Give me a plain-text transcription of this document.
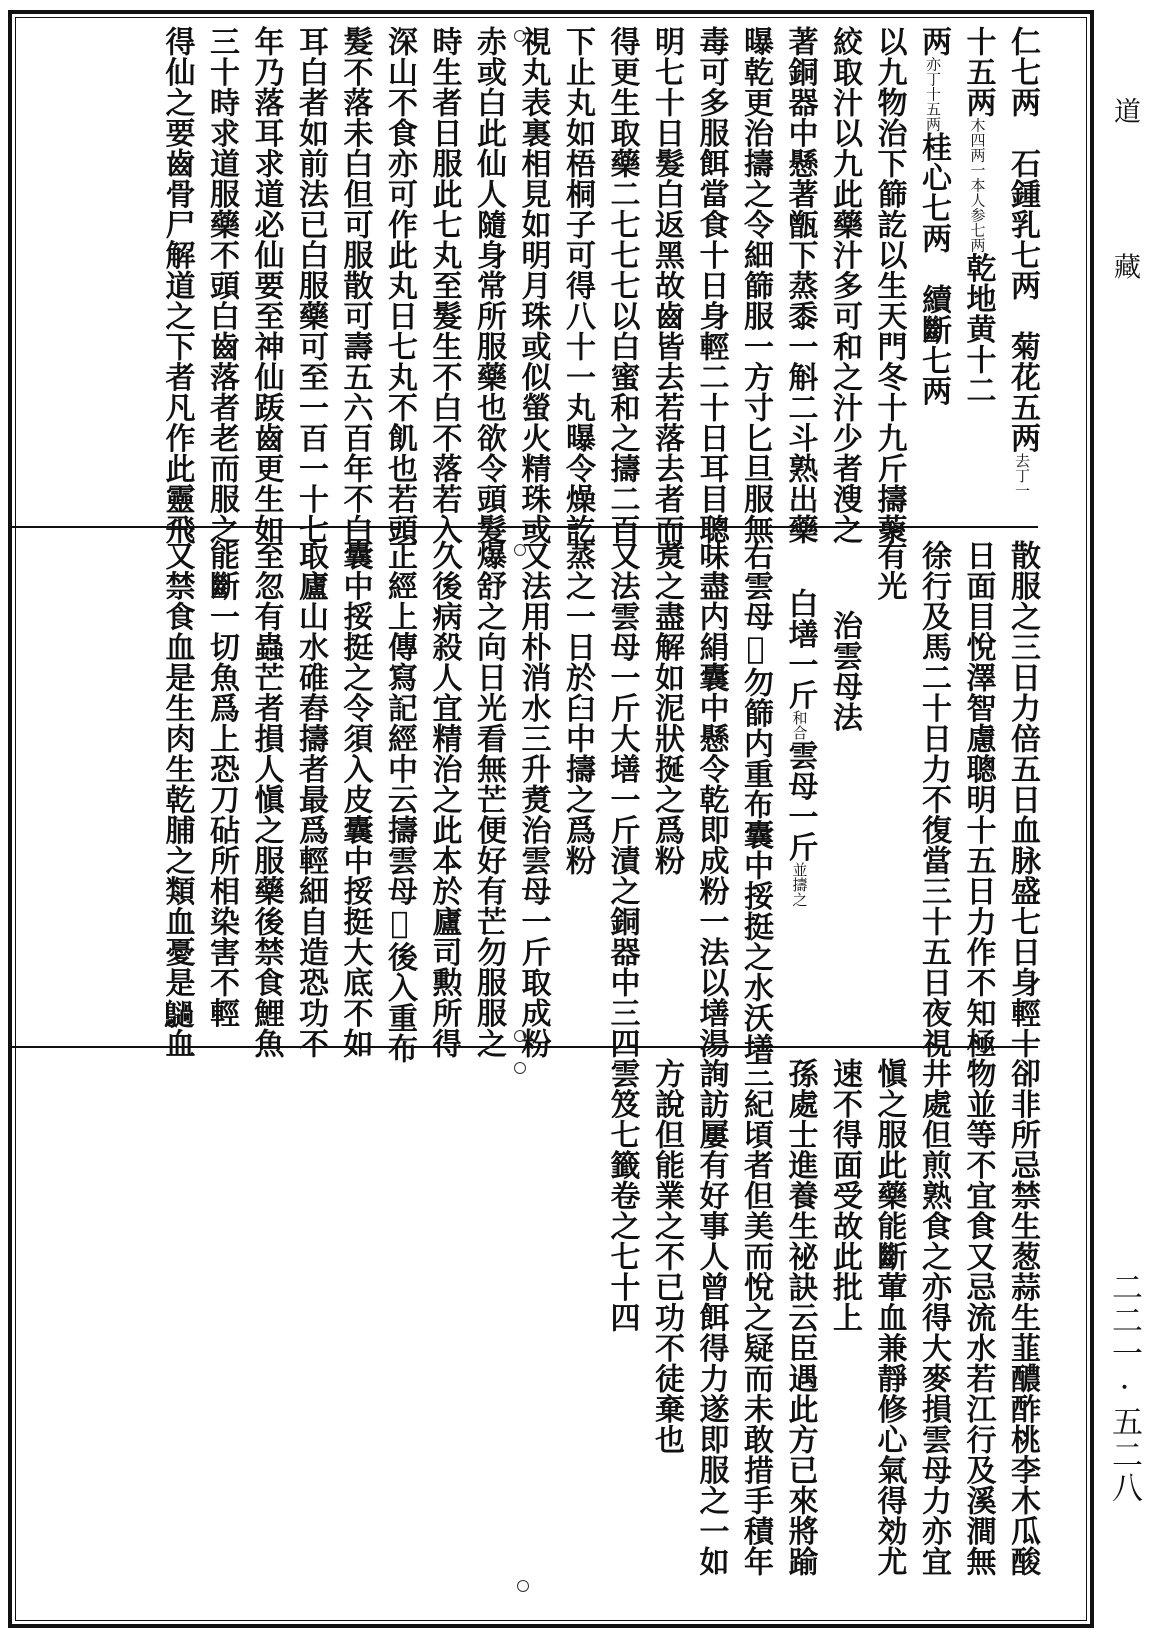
道 藏
二二一 · 五二八
仁七两　石鍾乳七两　菊花五两去丁一
十五两木四两一本人参七两乾地黄十二
两亦丁十五两桂心七两　續斷七两
以九物治下篩訖以生天門冬十九斤擣藂
絞取汁以九此藥汁多可和之汁少者溲之
著銅器中懸著甑下蒸黍一斛二斗熟出藥
曝乾更治擣之令細篩服一方寸匕旦服無
毒可多服餌當食十日身輕二十日耳目聰
明七十日髮白返黑故齒皆去若落去者而
得更生取藥二七七七以白蜜和之擣二百
下止丸如梧桐子可得八十一丸曝令燥訖
視丸表裏相見如明月珠或似螢火精珠或
赤或白此仙人隨身常所服藥也欲令頭髮
時生者日服此七丸至髮生不白不落若入
深山不食亦可作此丸日七丸不飢也若頭
髮不落未白但可服散可壽五六百年不白
耳白者如前法已白服藥可至一百一十七
年乃落耳求道必仙要至神仙䟦齒更生如
三十時求道服藥不頭白齒落者老而服之
得仙之要齒骨尸解道之下者凡作此靈飛
散服之三日力倍五日血脉盛七日身輕十
日面目悅澤智慮聰明十五日力作不知極
徐行及馬二十日力不復當三十五日夜視
有光
治雲母法
白墡一斤和合雲母一斤並擣之
右雲母𪋤勿篩内重布囊中挼挺之水沃墡
味盡内絹囊中懸令乾即成粉一法以墡湯
煑之盡解如泥狀挻之爲粉
又法雲母一斤大墡一斤漬之銅器中三四
蒸之一日於臼中擣之爲粉
又法用朴消水三升煑治雲母一斤取成粉
爆舒之向日光看無芒便好有芒勿服服之
久後病殺人宜精治之此本於廬司勲所得
正經上傳寫記經中云擣雲母𪋤後入重布
囊中挼挺之令須入皮囊中挼挺大底不如
取廬山水碓舂擣者最爲輕細自造恐功不
至忽有蟲芒者損人愼之服藥後禁食鯉魚
能斷一切魚爲上恐刀砧所相染害不輕
又禁食血是生肉生乾脯之類血憂是𪇍血
卻非所忌禁生葱蒜生韮醲酢桃李木瓜酸
物並等不宜食又忌流水若江行及溪澗無
井處但煎熟食之亦得大麥損雲母力亦宜
愼之服此藥能斷葷血兼靜修心氣得効尤
速不得面受故此批上
孫處士進養生祕訣云臣遇此方已來將踰
三紀頃者但美而悅之疑而未敢措手積年
詢訪屢有好事人曾餌得力遂即服之一如
方說但能業之不已功不徒棄也
雲笈七籤卷之七十四
